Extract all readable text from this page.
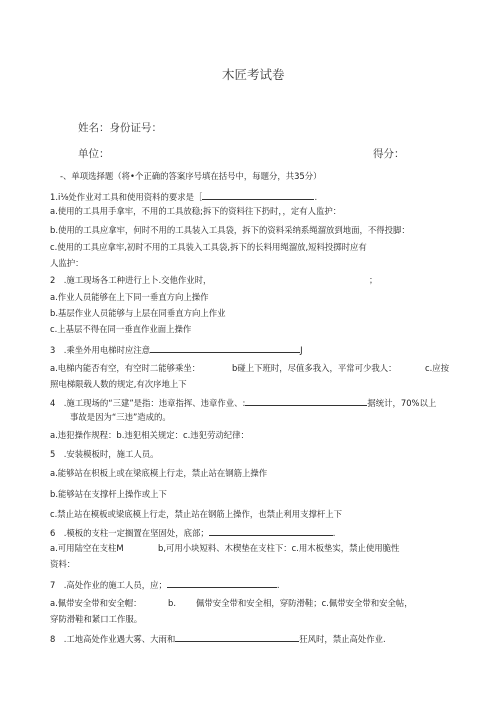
木匠考试卷
姓名：身份证号：
单位：	得分：
-、单项选择题（将•个正确的答案序号填在括号中，每题分，共35分）
1.i⅛处作业对工具和使用资料的要求是［	.
a.使用的工具用手拿牢，不用的工具放稳;拆下的资料往下扔时，，定有人监护：
b.使用的工具应拿牢，何时不用的工具装入工具袋，拆下的资料采纳系绳溜放到地面，不得投脚：
c.使用的工具应拿牢,初时不用的工具装入工具袋,拆下的长料用绳溜放,短料投掷时应有
人监护：
2　.施工现场各工种进行上卜.交他作业时，	；
a.作业人员能够在上下同一垂直方向上操作
b.基层作业人员能够与上层在同垂直方向上作业
c.上基层不得在同一垂直作业面上操作
3　.乘坐外用电梯时应注意	J
a.电梯内能否有空，有空时二能够乘坐：	b碰上下班时，尽值多我入，平常可少我人：	c.应按
照电梯限载人数的规定,有次序地上下
4　.施工现场的“三建”是指：违章指挥、违章作业、:	据统计，70%以上
事故是因为“三违”造成的。
a.违犯操作规程：b.违犯相关规定：c.违犯劳动纪律：
5　.安装模板时，施工人员。
a.能够站在枳板上或在梁底模上行走，禁止站在钢筋上操作
b.能够站在支撑杆上操作或上下
c.禁止站在模板或梁底模上行走，禁止站在钢筋上操作，也禁止利用支撑杆上下
6　.模板的支柱一定搁置在坚固处，底部；	.
a.可用陆空在支柱M	b,可用小块短料、木楔垫在支柱下：c.用木板垫实，禁止使用脆性
资料：
7　.高处作业的施工人员，应；	.
a.佩带安全带和安全帽：	b. 佩带安全带和安全相，穿防滑鞋；c.佩带安全带和安全帖，
穿防滑鞋和紧口工作服。
8　.工地高处作业遇大雾、大雨和	狂风时，禁止高处作业.
